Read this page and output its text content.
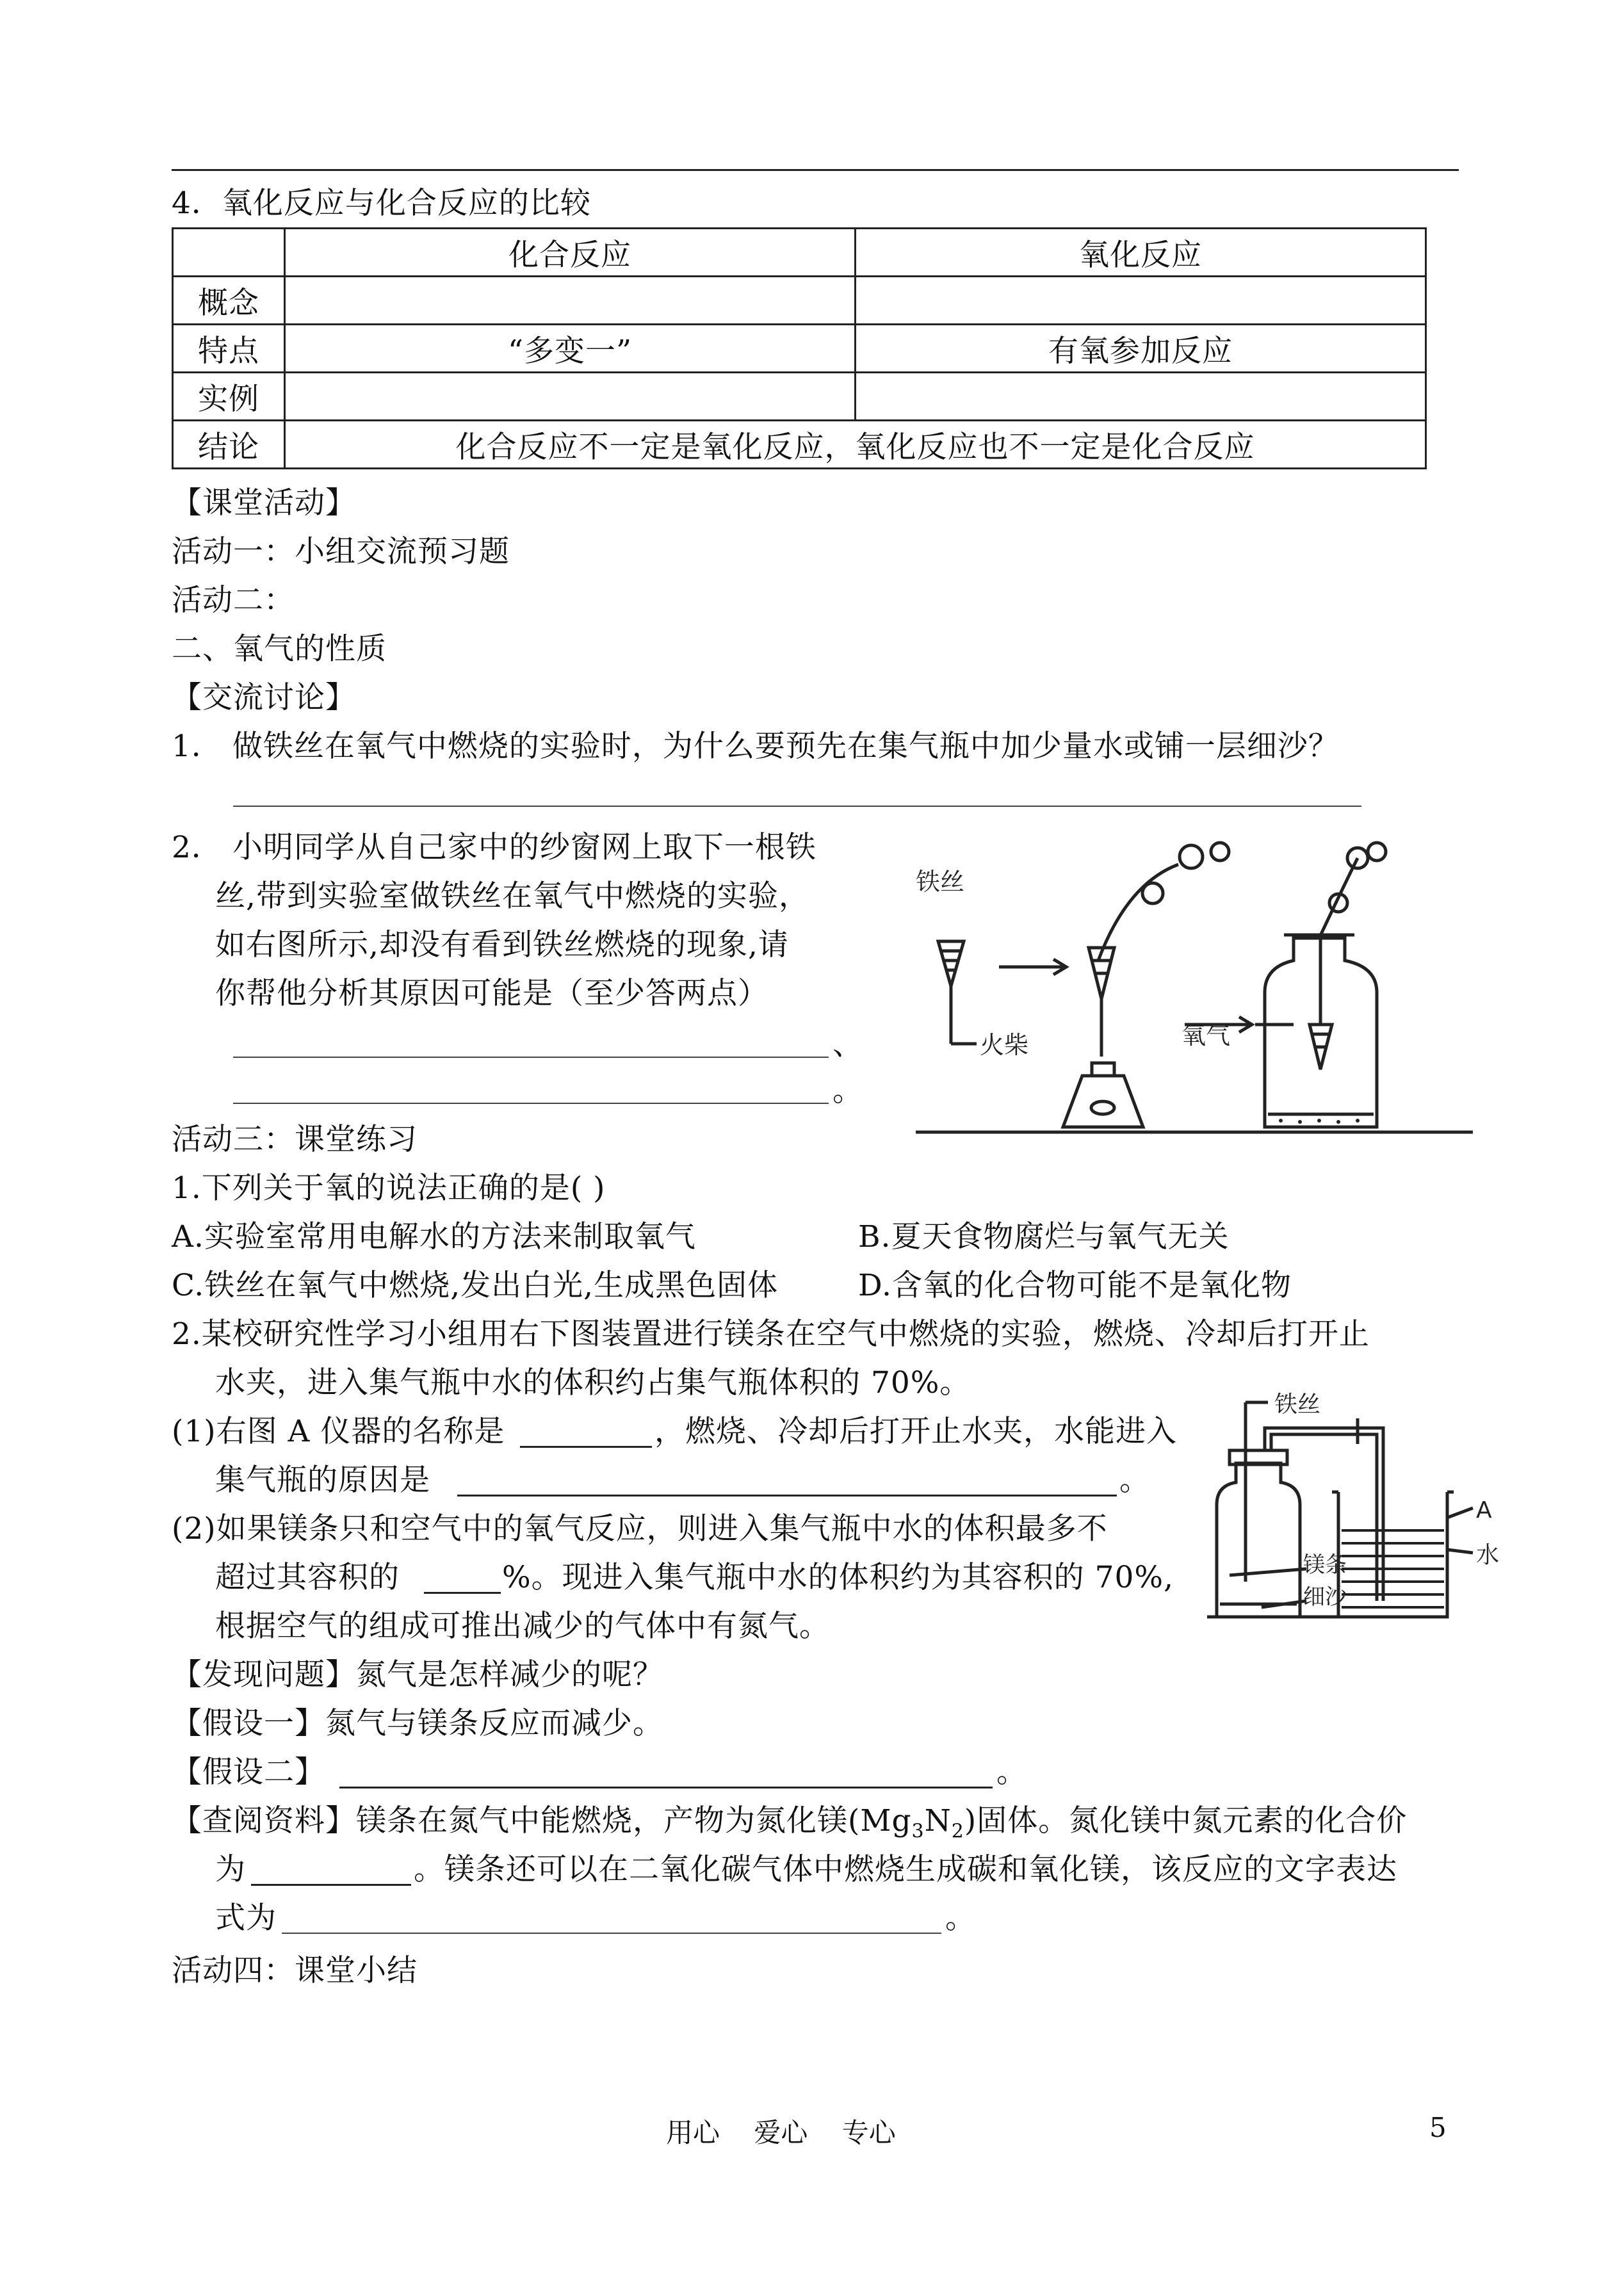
4．氧化反应与化合反应的比较
	化合反应	氧化反应
概念		
特点	“多变一”	有氧参加反应
实例		
结论	化合反应不一定是氧化反应，氧化反应也不一定是化合反应	
【课堂活动】
活动一：小组交流预习题
活动二：
二、氧气的性质
【交流讨论】
1． 做铁丝在氧气中燃烧的实验时，为什么要预先在集气瓶中加少量水或铺一层细沙？
2． 小明同学从自己家中的纱窗网上取下一根铁
丝,带到实验室做铁丝在氧气中燃烧的实验，
如右图所示,却没有看到铁丝燃烧的现象,请
你帮他分析其原因可能是（至少答两点）
、
。
铁丝
火柴	氧气
活动三：课堂练习
1.下列关于氧的说法正确的是( )
A.实验室常用电解水的方法来制取氧气	B.夏天食物腐烂与氧气无关
C.铁丝在氧气中燃烧,发出白光,生成黑色固体	D.含氧的化合物可能不是氧化物
2.某校研究性学习小组用右下图装置进行镁条在空气中燃烧的实验，燃烧、冷却后打开止
水夹，进入集气瓶中水的体积约占集气瓶体积的 70%。
(1)右图 A 仪器的名称是	，燃烧、冷却后打开止水夹，水能进入
集气瓶的原因是	。
(2)如果镁条只和空气中的氧气反应，则进入集气瓶中水的体积最多不
超过其容积的	%。现进入集气瓶中水的体积约为其容积的 70%,
根据空气的组成可推出减少的气体中有氮气。
铁丝
A
水
镁条
细沙
【发现问题】氮气是怎样减少的呢？
【假设一】氮气与镁条反应而减少。
【假设二】	。
【查阅资料】镁条在氮气中能燃烧，产物为氮化镁$(Mg_3N_2)$固体。氮化镁中氮元素的化合价
为	。镁条还可以在二氧化碳气体中燃烧生成碳和氧化镁，该反应的文字表达
式为	。
活动四：课堂小结
用心    爱心    专心	5
